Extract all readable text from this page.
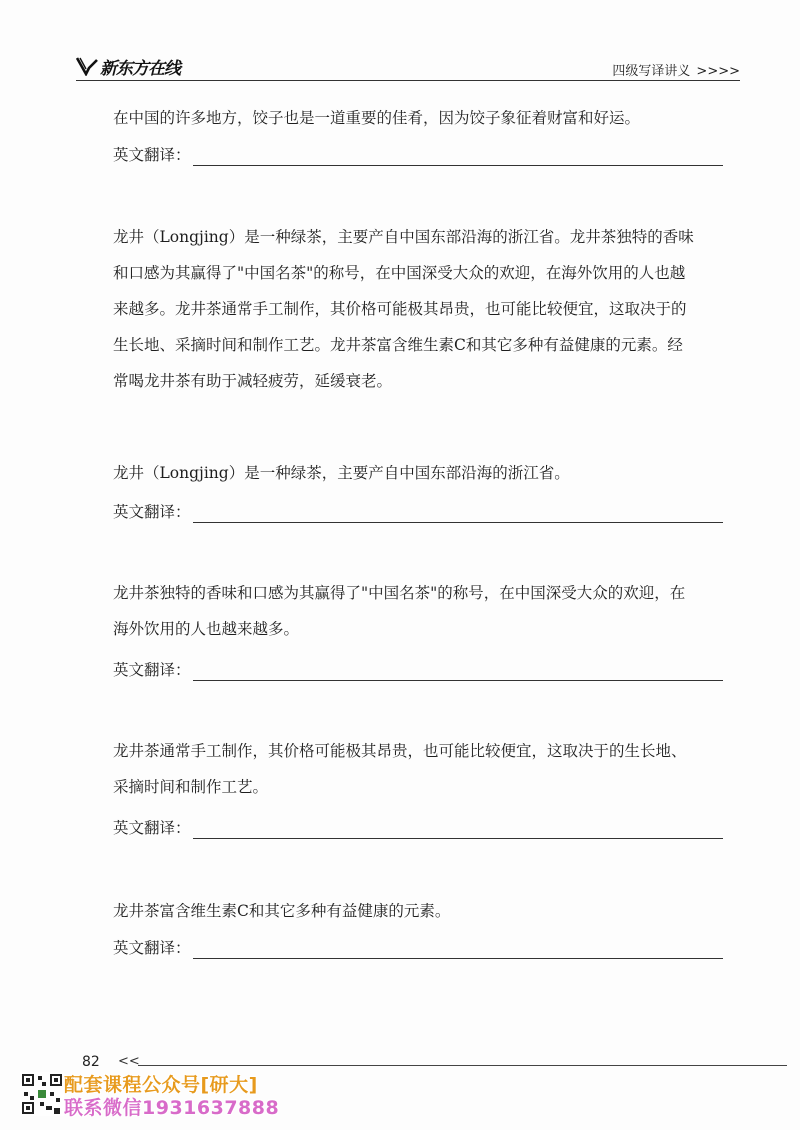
新东方在线	四级写译讲义 >>>>

在中国的许多地方，饺子也是一道重要的佳肴，因为饺子象征着财富和好运。

英文翻译：

龙井（Longjing）是一种绿茶，主要产自中国东部沿海的浙江省。龙井茶独特的香味

和口感为其赢得了"中国名茶"的称号，在中国深受大众的欢迎，在海外饮用的人也越

来越多。龙井茶通常手工制作，其价格可能极其昂贵，也可能比较便宜，这取决于的

生长地、采摘时间和制作工艺。龙井茶富含维生素C和其它多种有益健康的元素。经

常喝龙井茶有助于减轻疲劳，延缓衰老。

龙井（Longjing）是一种绿茶，主要产自中国东部沿海的浙江省。

英文翻译：

龙井茶独特的香味和口感为其赢得了"中国名茶"的称号，在中国深受大众的欢迎，在

海外饮用的人也越来越多。

英文翻译：

龙井茶通常手工制作，其价格可能极其昂贵，也可能比较便宜，这取决于的生长地、

采摘时间和制作工艺。

英文翻译：

龙井茶富含维生素C和其它多种有益健康的元素。

英文翻译：
82 <<
配套课程公众号[研大]
联系微信1931637888
